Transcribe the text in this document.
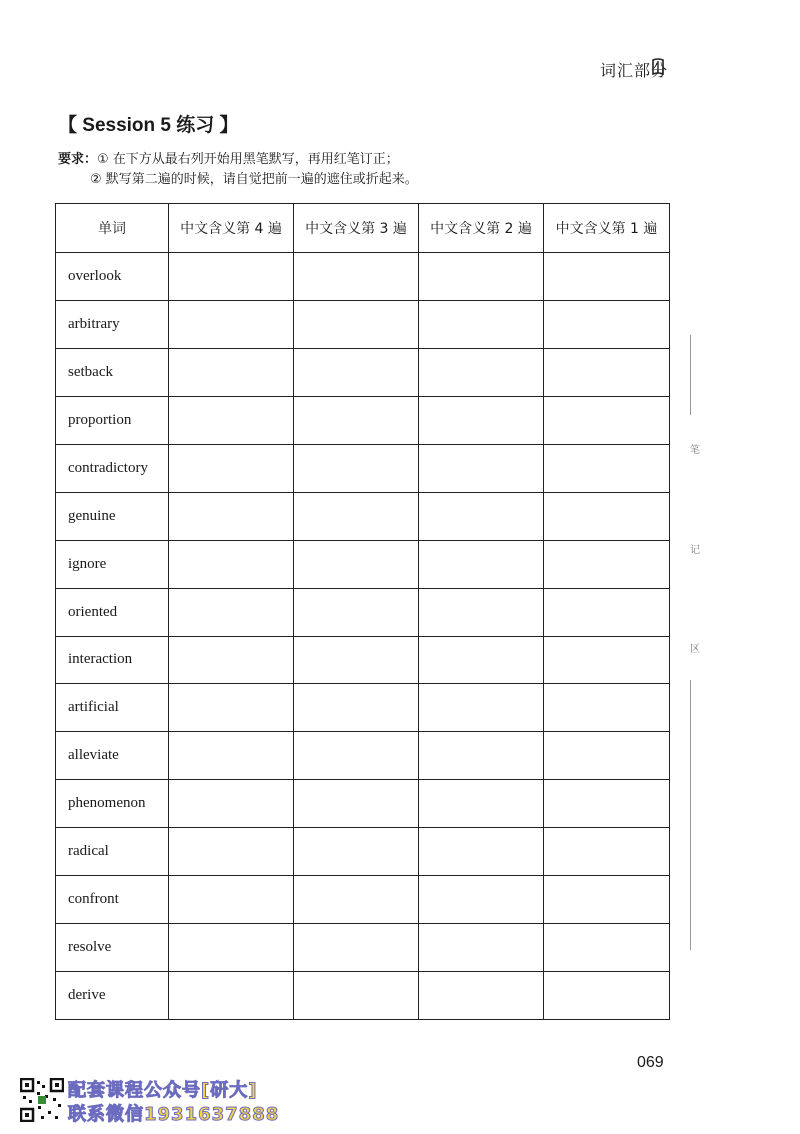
词汇部分
【 Session 5 练习 】
要求：① 在下方从最右列开始用黑笔默写，再用红笔订正；
② 默写第二遍的时候，请自觉把前一遍的遮住或折起来。
单词	中文含义第 4 遍	中文含义第 3 遍	中文含义第 2 遍	中文含义第 1 遍
overlook				
arbitrary				
setback				
proportion				
contradictory				
genuine				
ignore				
oriented				
interaction				
artificial				
alleviate				
phenomenon				
radical				
confront				
resolve				
derive				
笔
记
区
069
配套课程公众号[研大]
联系微信1931637888
